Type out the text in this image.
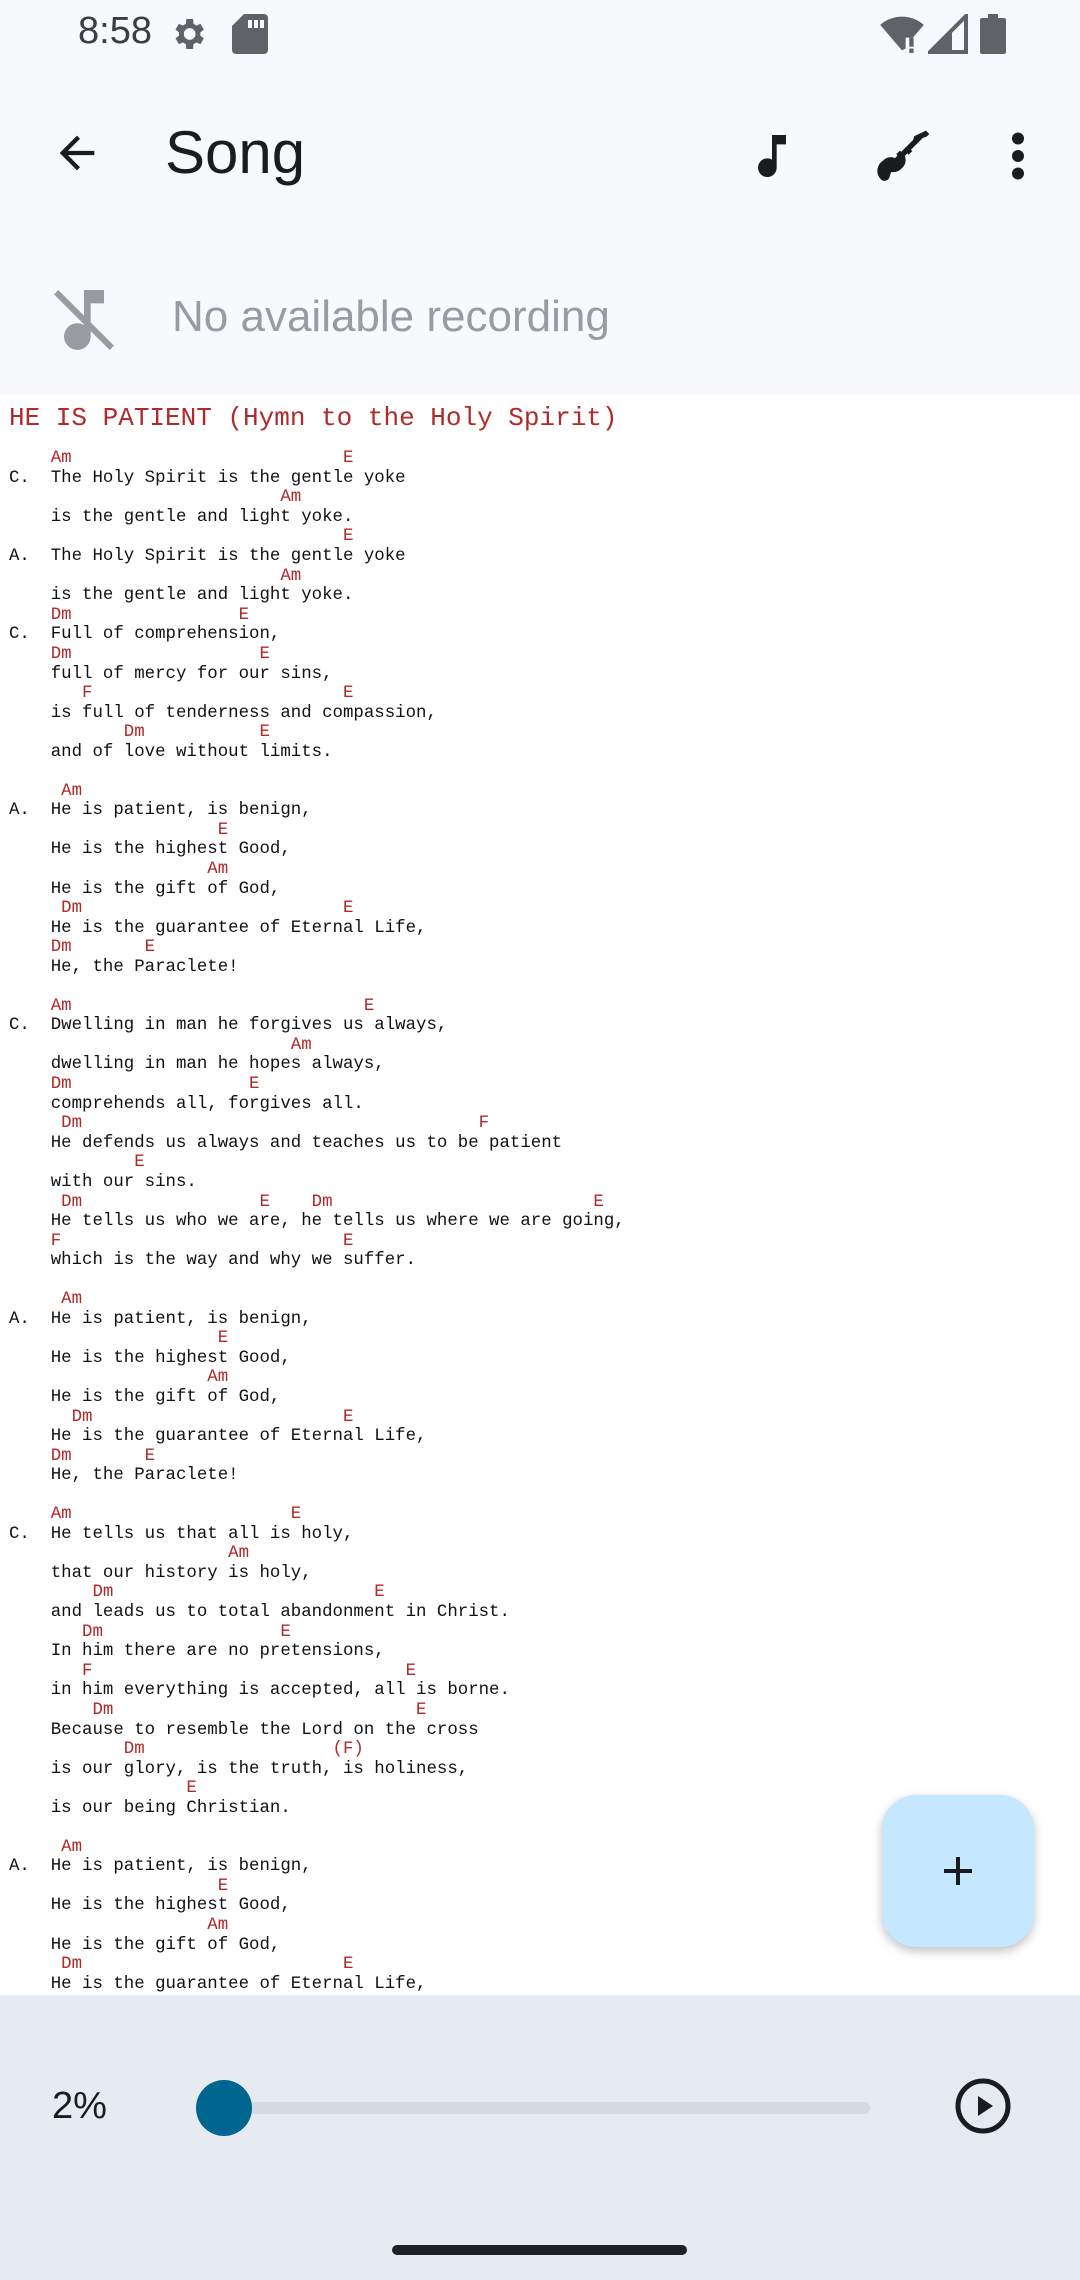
8:58
Song
No available recording
HE IS PATIENT (Hymn to the Holy Spirit)
Am                          E
C.  The Holy Spirit is the gentle yoke
Am
is the gentle and light yoke.
E
A.  The Holy Spirit is the gentle yoke
Am
is the gentle and light yoke.
Dm                E
C.  Full of comprehension,
Dm                  E
full of mercy for our sins,
F                        E
is full of tenderness and compassion,
Dm           E
and of love without limits.
Am
A.  He is patient, is benign,
E
He is the highest Good,
Am
He is the gift of God,
Dm                         E
He is the guarantee of Eternal Life,
Dm       E
He, the Paraclete!
Am                            E
C.  Dwelling in man he forgives us always,
Am
dwelling in man he hopes always,
Dm                 E
comprehends all, forgives all.
Dm                                      F
He defends us always and teaches us to be patient
E
with our sins.
Dm                 E    Dm                         E
He tells us who we are, he tells us where we are going,
F                           E
which is the way and why we suffer.
Am
A.  He is patient, is benign,
E
He is the highest Good,
Am
He is the gift of God,
Dm                        E
He is the guarantee of Eternal Life,
Dm       E
He, the Paraclete!
Am                     E
C.  He tells us that all is holy,
Am
that our history is holy,
Dm                         E
and leads us to total abandonment in Christ.
Dm                 E
In him there are no pretensions,
F                              E
in him everything is accepted, all is borne.
Dm                             E
Because to resemble the Lord on the cross
Dm                  (F)
is our glory, is the truth, is holiness,
E
is our being Christian.
Am
A.  He is patient, is benign,
E
He is the highest Good,
Am
He is the gift of God,
Dm                         E
He is the guarantee of Eternal Life,
2%
